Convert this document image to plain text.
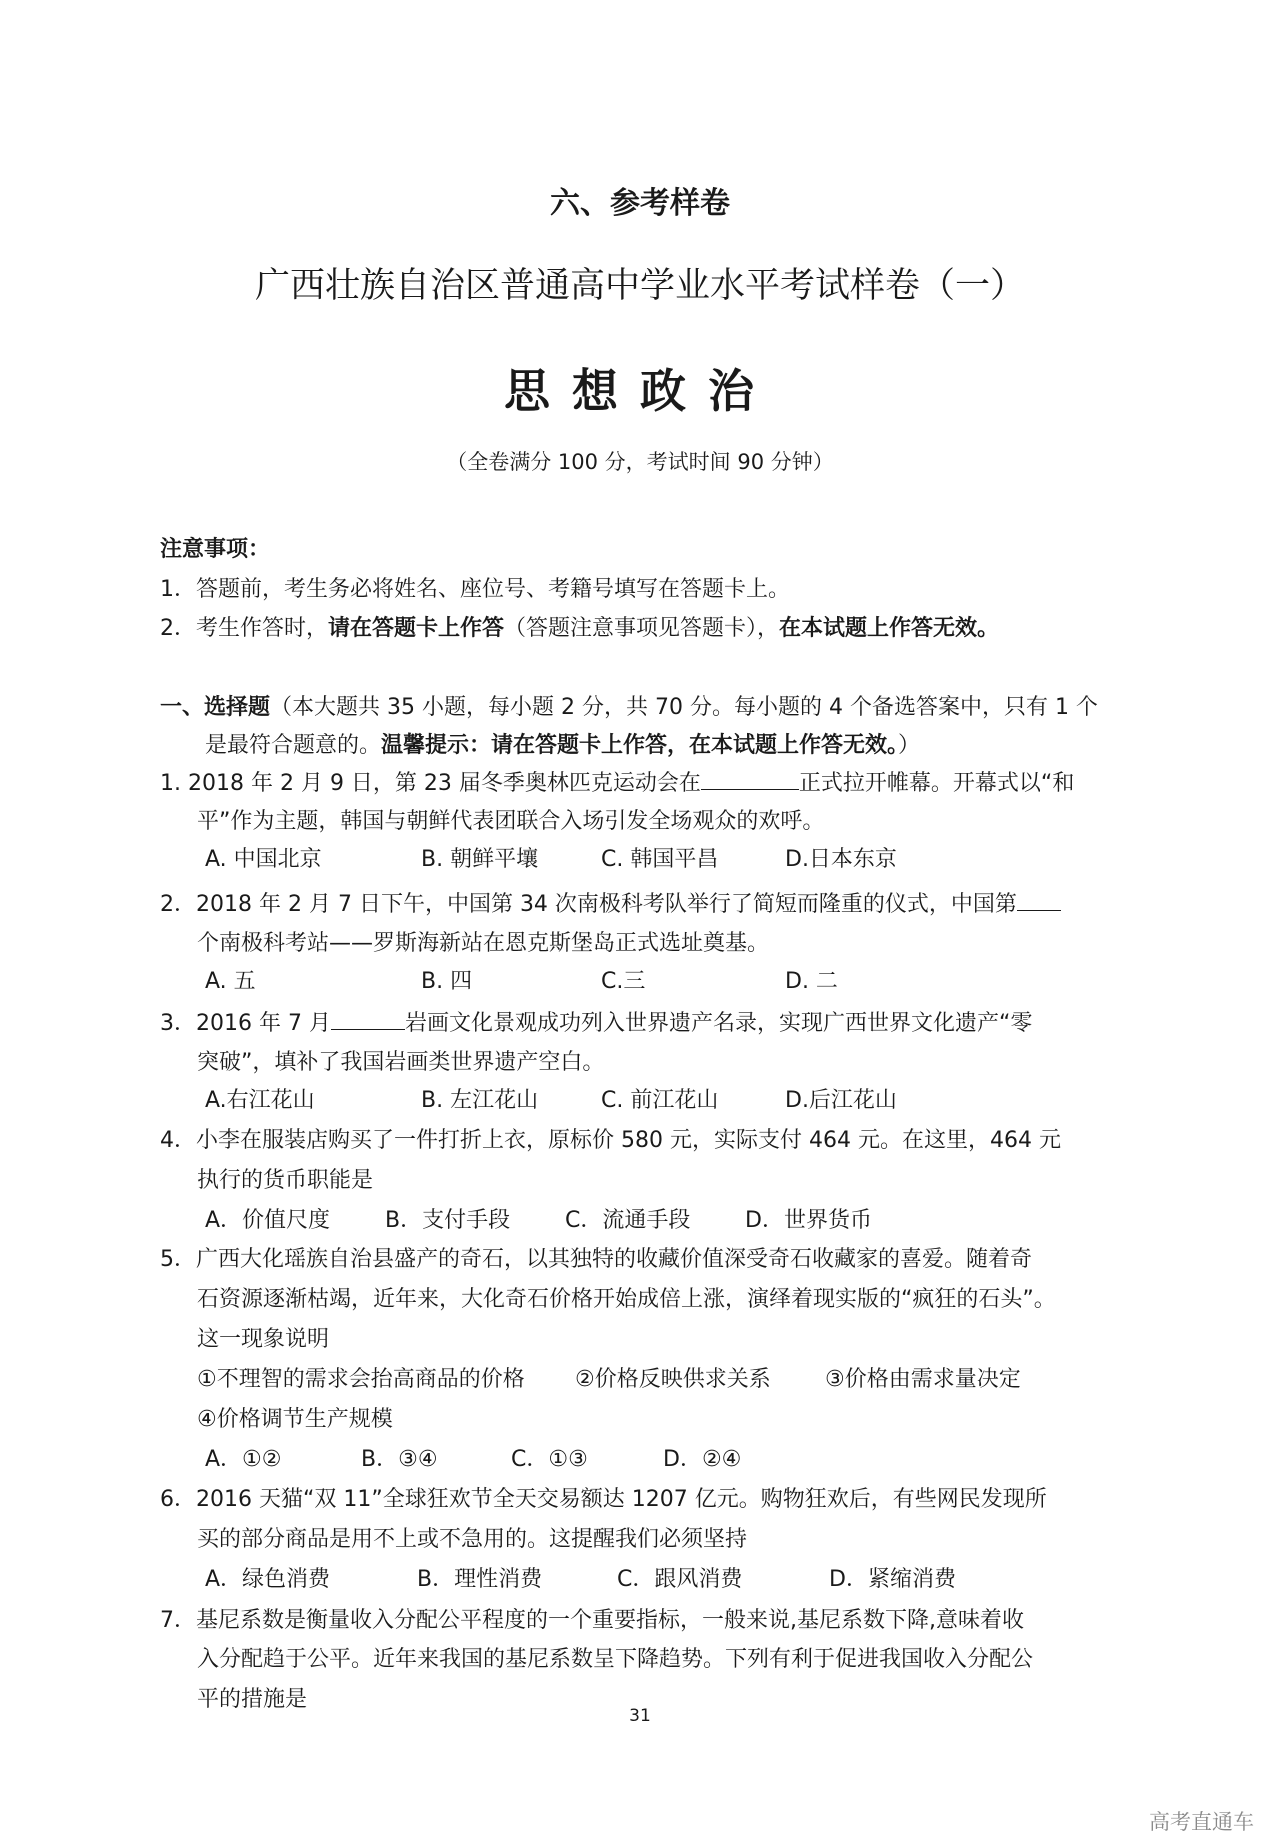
六、参考样卷
广西壮族自治区普通高中学业水平考试样卷（一）
思想政治
（全卷满分 100 分，考试时间 90 分钟）
注意事项：
1．答题前，考生务必将姓名、座位号、考籍号填写在答题卡上。
2．考生作答时，请在答题卡上作答（答题注意事项见答题卡），在本试题上作答无效。
一、选择题（本大题共 35 小题，每小题 2 分，共 70 分。每小题的 4 个备选答案中，只有 1 个
是最符合题意的。温馨提示：请在答题卡上作答，在本试题上作答无效。）
1. 2018 年 2 月 9 日，第 23 届冬季奥林匹克运动会在	正式拉开帷幕。开幕式以“和
平”作为主题，韩国与朝鲜代表团联合入场引发全场观众的欢呼。
A. 中国北京	B. 朝鲜平壤	C. 韩国平昌	D.日本东京
2．2018 年 2 月 7 日下午，中国第 34 次南极科考队举行了简短而隆重的仪式，中国第
个南极科考站——罗斯海新站在恩克斯堡岛正式选址奠基。
A. 五	B. 四	C.三	D. 二
3．2016 年 7 月	岩画文化景观成功列入世界遗产名录，实现广西世界文化遗产“零
突破”，填补了我国岩画类世界遗产空白。
A.右江花山	B. 左江花山	C. 前江花山	D.后江花山
4．小李在服装店购买了一件打折上衣，原标价 580 元，实际支付 464 元。在这里，464 元
执行的货币职能是
A．价值尺度 B．支付手段 C．流通手段 D．世界货币
5．广西大化瑶族自治县盛产的奇石，以其独特的收藏价值深受奇石收藏家的喜爱。随着奇
石资源逐渐枯竭，近年来，大化奇石价格开始成倍上涨，演绎着现实版的“疯狂的石头”。
这一现象说明
①不理智的需求会抬高商品的价格 ②价格反映供求关系 ③价格由需求量决定
④价格调节生产规模
A．①②	B．③④	C．①③	D．②④
6．2016 天猫“双 11”全球狂欢节全天交易额达 1207 亿元。购物狂欢后，有些网民发现所
买的部分商品是用不上或不急用的。这提醒我们必须坚持
A．绿色消费	B．理性消费	C．跟风消费	D．紧缩消费
7．基尼系数是衡量收入分配公平程度的一个重要指标，一般来说,基尼系数下降,意味着收
入分配趋于公平。近年来我国的基尼系数呈下降趋势。下列有利于促进我国收入分配公
平的措施是
31
高考直通车
